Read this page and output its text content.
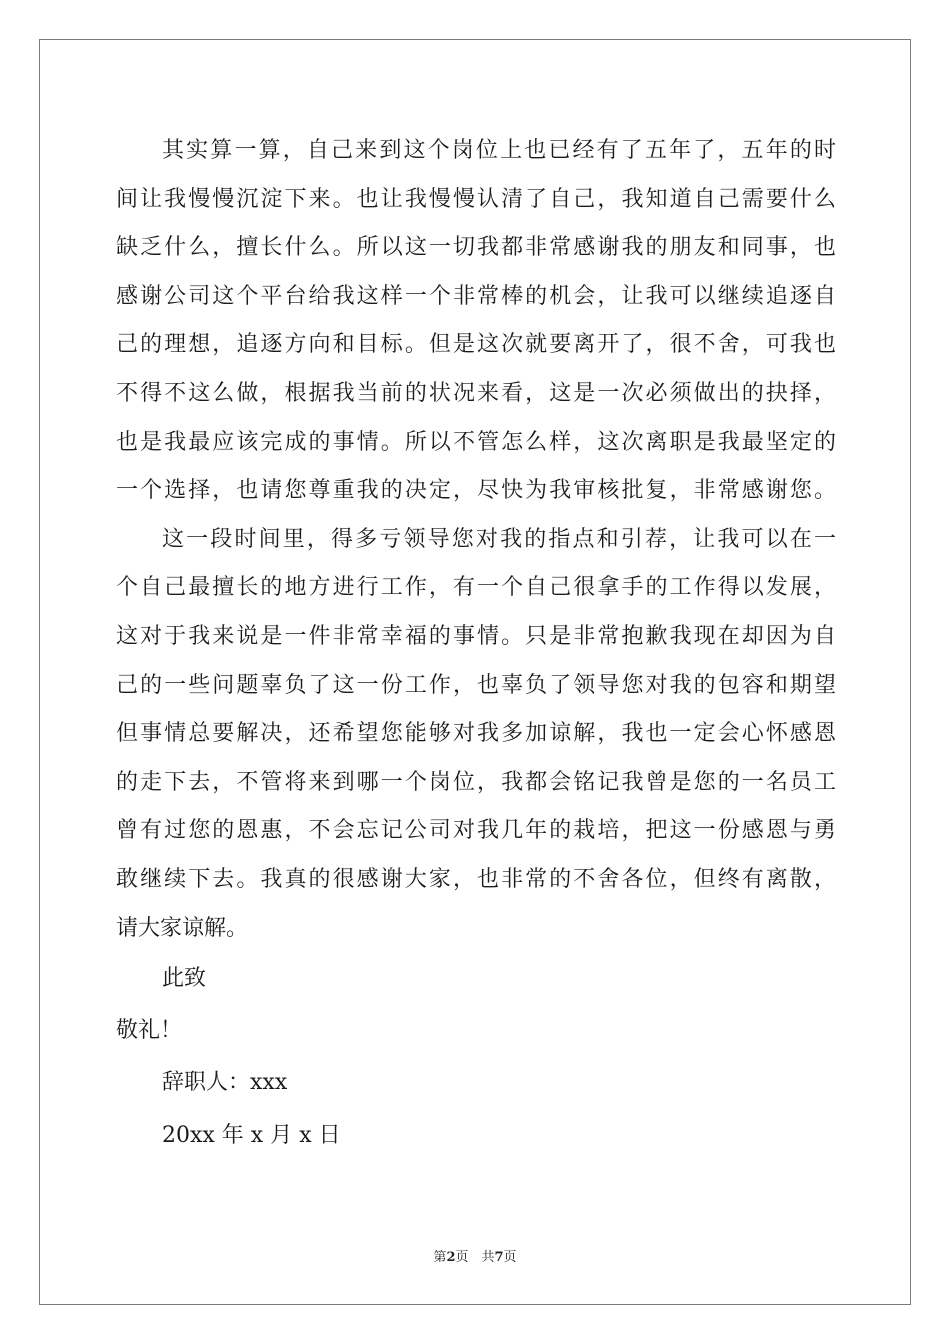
其实算一算，自己来到这个岗位上也已经有了五年了，五年的时
间让我慢慢沉淀下来。也让我慢慢认清了自己，我知道自己需要什么
缺乏什么，擅长什么。所以这一切我都非常感谢我的朋友和同事，也
感谢公司这个平台给我这样一个非常棒的机会，让我可以继续追逐自
己的理想，追逐方向和目标。但是这次就要离开了，很不舍，可我也
不得不这么做，根据我当前的状况来看，这是一次必须做出的抉择，
也是我最应该完成的事情。所以不管怎么样，这次离职是我最坚定的
一个选择，也请您尊重我的决定，尽快为我审核批复，非常感谢您。
这一段时间里，得多亏领导您对我的指点和引荐，让我可以在一
个自己最擅长的地方进行工作，有一个自己很拿手的工作得以发展，
这对于我来说是一件非常幸福的事情。只是非常抱歉我现在却因为自
己的一些问题辜负了这一份工作，也辜负了领导您对我的包容和期望
但事情总要解决，还希望您能够对我多加谅解，我也一定会心怀感恩
的走下去，不管将来到哪一个岗位，我都会铭记我曾是您的一名员工
曾有过您的恩惠，不会忘记公司对我几年的栽培，把这一份感恩与勇
敢继续下去。我真的很感谢大家，也非常的不舍各位，但终有离散，
请大家谅解。
此致
敬礼！
辞职人：xxx
20xx 年 x 月 x 日
第2页　共7页
